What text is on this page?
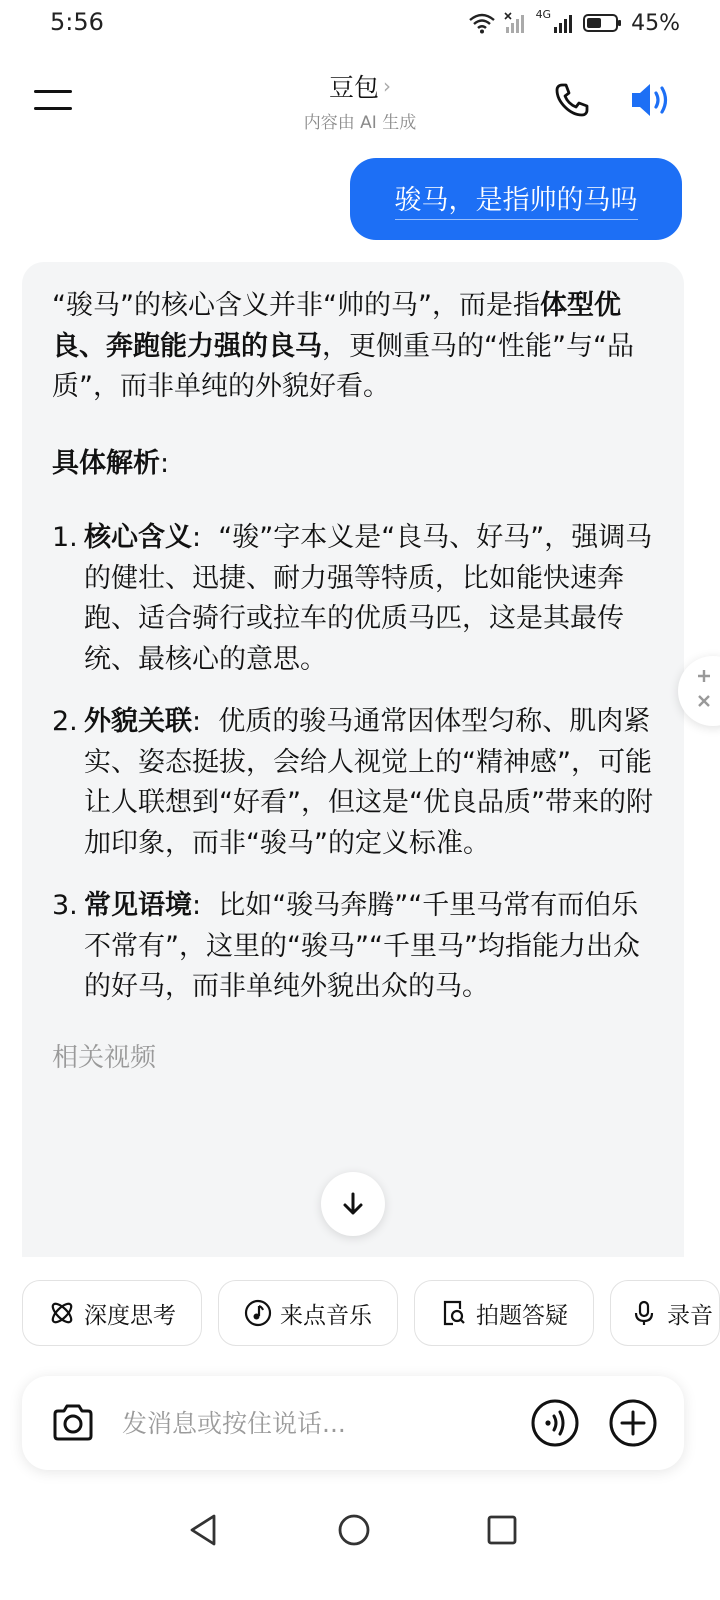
5:56	4G	45%
豆包 ›
内容由 AI 生成
骏马，是指帅的马吗

“骏马”的核心含义并非“帅的马”，而是指体型优良、奔跑能力强的良马，更侧重马的“性能”与“品质”，而非单纯的外貌好看。

具体解析:

1. 核心含义: “骏”字本义是“良马、好马”，强调马的健壮、迅捷、耐力强等特质，比如能快速奔跑、适合骑行或拉车的优质马匹，这是其最传统、最核心的意思。
2. 外貌关联: 优质的骏马通常因体型匀称、肌肉紧实、姿态挺拔，会给人视觉上的“精神感”，可能让人联想到“好看”，但这是“优良品质”带来的附加印象，而非“骏马”的定义标准。
3. 常见语境: 比如“骏马奔腾”“千里马常有而伯乐不常有”，这里的“骏马”“千里马”均指能力出众的好马，而非单纯外貌出众的马。
相关视频
深度思考	来点音乐	拍题答疑	录音
发消息或按住说话...
